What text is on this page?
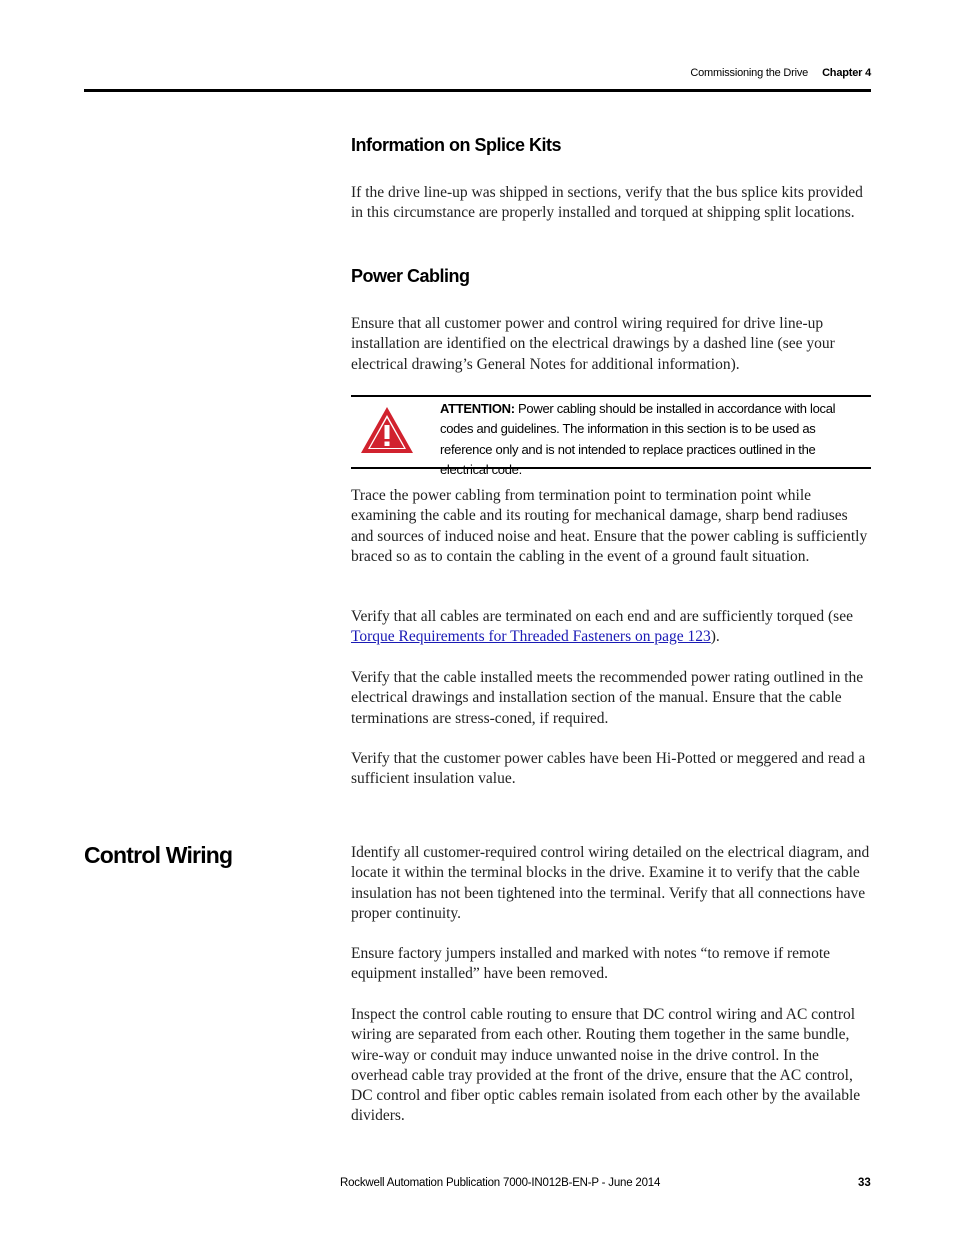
Commissioning the Drive Chapter 4
Information on Splice Kits

If the drive line-up was shipped in sections, verify that the bus splice kits provided in this circumstance are properly installed and torqued at shipping split locations.

Power Cabling

Ensure that all customer power and control wiring required for drive line-up installation are identified on the electrical drawings by a dashed line (see your electrical drawing’s General Notes for additional information).

ATTENTION: Power cabling should be installed in accordance with local codes and guidelines. The information in this section is to be used as reference only and is not intended to replace practices outlined in the electrical code.

Trace the power cabling from termination point to termination point while examining the cable and its routing for mechanical damage, sharp bend radiuses and sources of induced noise and heat. Ensure that the power cabling is sufficiently braced so as to contain the cabling in the event of a ground fault situation.

Verify that all cables are terminated on each end and are sufficiently torqued (see Torque Requirements for Threaded Fasteners on page 123).

Verify that the cable installed meets the recommended power rating outlined in the electrical drawings and installation section of the manual. Ensure that the cable terminations are stress-coned, if required.

Verify that the customer power cables have been Hi-Potted or meggered and read a sufficient insulation value.

Control Wiring	Identify all customer-required control wiring detailed on the electrical diagram, and locate it within the terminal blocks in the drive. Examine it to verify that the cable insulation has not been tightened into the terminal. Verify that all connections have proper continuity.

Ensure factory jumpers installed and marked with notes “to remove if remote equipment installed” have been removed.

Inspect the control cable routing to ensure that DC control wiring and AC control wiring are separated from each other. Routing them together in the same bundle, wire-way or conduit may induce unwanted noise in the drive control. In the overhead cable tray provided at the front of the drive, ensure that the AC control, DC control and fiber optic cables remain isolated from each other by the available dividers.

Rockwell Automation Publication 7000-IN012B-EN-P - June 2014	33
